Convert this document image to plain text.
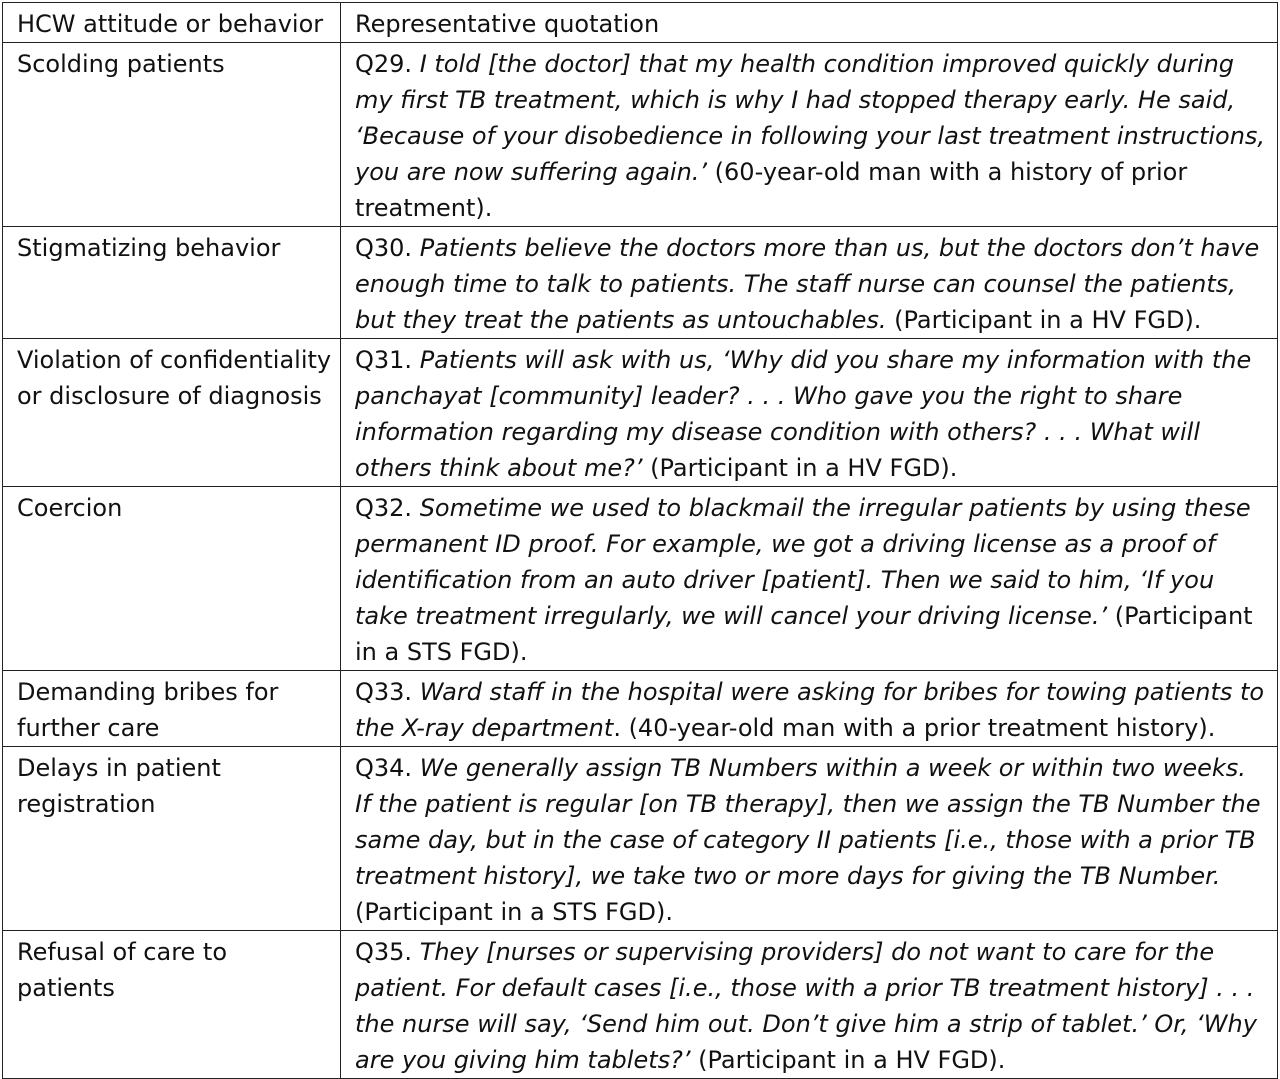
HCW attitude or behavior	Representative quotation

Scolding patients	Q29. I told [the doctor] that my health condition improved quickly during my first TB treatment, which is why I had stopped therapy early. He said, ‘Because of your disobedience in following your last treatment instructions, you are now suffering again.’ (60-year-old man with a history of prior treatment).

Stigmatizing behavior	Q30. Patients believe the doctors more than us, but the doctors don’t have enough time to talk to patients. The staff nurse can counsel the patients, but they treat the patients as untouchables. (Participant in a HV FGD).

Violation of confidentiality or disclosure of diagnosis	Q31. Patients will ask with us, ‘Why did you share my information with the panchayat [community] leader? . . . Who gave you the right to share information regarding my disease condition with others? . . . What will others think about me?’ (Participant in a HV FGD).

Coercion	Q32. Sometime we used to blackmail the irregular patients by using these permanent ID proof. For example, we got a driving license as a proof of identification from an auto driver [patient]. Then we said to him, ‘If you take treatment irregularly, we will cancel your driving license.’ (Participant in a STS FGD).

Demanding bribes for further care	Q33. Ward staff in the hospital were asking for bribes for towing patients to the X-ray department. (40-year-old man with a prior treatment history).

Delays in patient registration	Q34. We generally assign TB Numbers within a week or within two weeks. If the patient is regular [on TB therapy], then we assign the TB Number the same day, but in the case of category II patients [i.e., those with a prior TB treatment history], we take two or more days for giving the TB Number. (Participant in a STS FGD).

Refusal of care to patients	Q35. They [nurses or supervising providers] do not want to care for the patient. For default cases [i.e., those with a prior TB treatment history] . . . the nurse will say, ‘Send him out. Don’t give him a strip of tablet.’ Or, ‘Why are you giving him tablets?’ (Participant in a HV FGD).
